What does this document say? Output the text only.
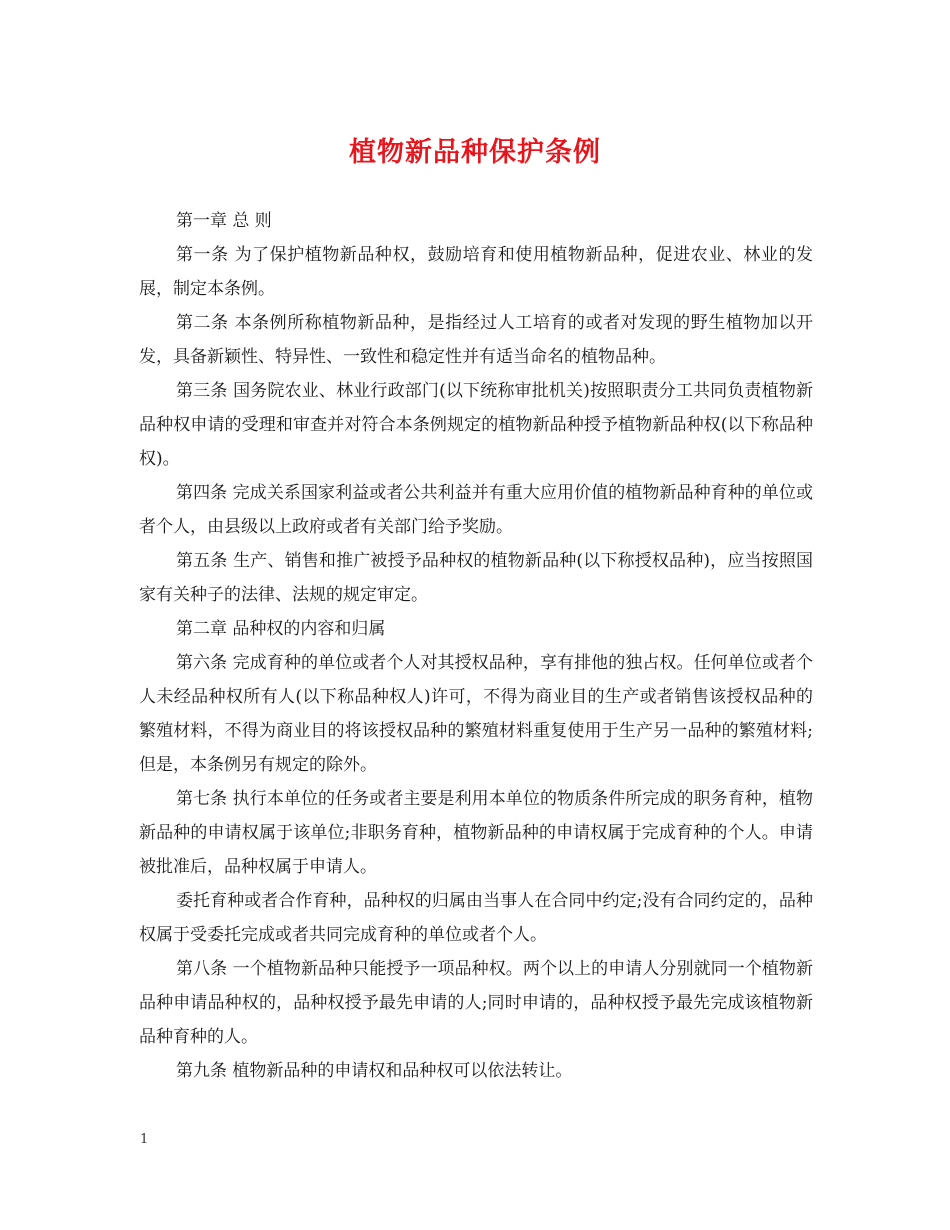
植物新品种保护条例

第一章 总 则

第一条 为了保护植物新品种权，鼓励培育和使用植物新品种，促进农业、林业的发展，制定本条例。

第二条 本条例所称植物新品种，是指经过人工培育的或者对发现的野生植物加以开发，具备新颖性、特异性、一致性和稳定性并有适当命名的植物品种。

第三条 国务院农业、林业行政部门(以下统称审批机关)按照职责分工共同负责植物新品种权申请的受理和审查并对符合本条例规定的植物新品种授予植物新品种权(以下称品种权)。

第四条 完成关系国家利益或者公共利益并有重大应用价值的植物新品种育种的单位或者个人，由县级以上政府或者有关部门给予奖励。

第五条 生产、销售和推广被授予品种权的植物新品种(以下称授权品种)，应当按照国家有关种子的法律、法规的规定审定。

第二章 品种权的内容和归属

第六条 完成育种的单位或者个人对其授权品种，享有排他的独占权。任何单位或者个人未经品种权所有人(以下称品种权人)许可，不得为商业目的生产或者销售该授权品种的繁殖材料，不得为商业目的将该授权品种的繁殖材料重复使用于生产另一品种的繁殖材料;但是，本条例另有规定的除外。

第七条 执行本单位的任务或者主要是利用本单位的物质条件所完成的职务育种，植物新品种的申请权属于该单位;非职务育种，植物新品种的申请权属于完成育种的个人。申请被批准后，品种权属于申请人。

委托育种或者合作育种，品种权的归属由当事人在合同中约定;没有合同约定的，品种权属于受委托完成或者共同完成育种的单位或者个人。

第八条 一个植物新品种只能授予一项品种权。两个以上的申请人分别就同一个植物新品种申请品种权的，品种权授予最先申请的人;同时申请的，品种权授予最先完成该植物新品种育种的人。

第九条 植物新品种的申请权和品种权可以依法转让。

1
